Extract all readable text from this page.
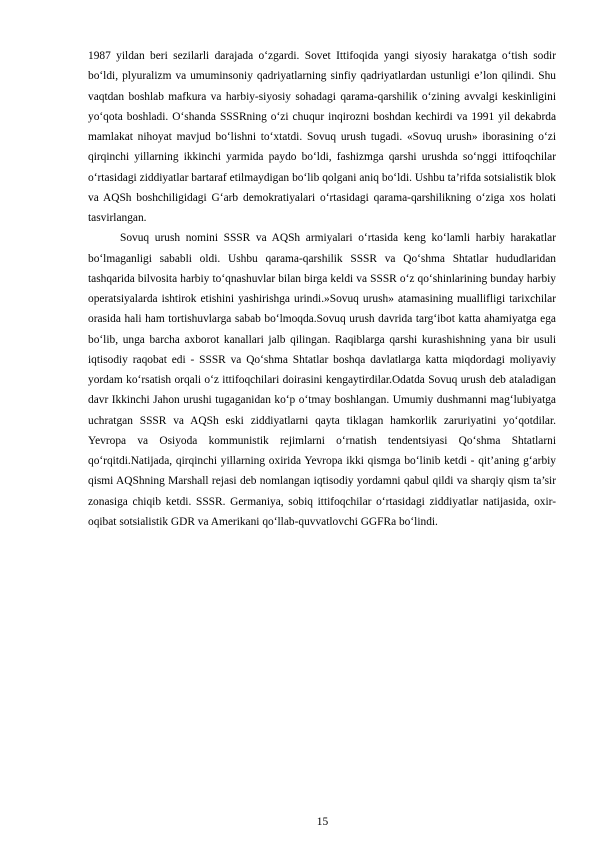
1987 yildan beri sezilarli darajada o‘zgardi. Sovet Ittifoqida yangi siyosiy harakatga o‘tish sodir bo‘ldi, plyuralizm va umuminsoniy qadriyatlarning sinfiy qadriyatlardan ustunligi e’lon qilindi. Shu vaqtdan boshlab mafkura va harbiy-siyosiy sohadagi qarama-qarshilik o‘zining avvalgi keskinligini yo‘qota boshladi. O‘shanda SSSRning o‘zi chuqur inqirozni boshdan kechirdi va 1991 yil dekabrda mamlakat nihoyat mavjud bo‘lishni to‘xtatdi. Sovuq urush tugadi. «Sovuq urush» iborasining o‘zi qirqinchi yillarning ikkinchi yarmida paydo bo‘ldi, fashizmga qarshi urushda so‘nggi ittifoqchilar o‘rtasidagi ziddiyatlar bartaraf etilmaydigan bo‘lib qolgani aniq bo‘ldi. Ushbu ta’rifda sotsialistik blok va AQSh boshchiligidagi G‘arb demokratiyalari o‘rtasidagi qarama-qarshilikning o‘ziga xos holati tasvirlangan.

Sovuq urush nomini SSSR va AQSh armiyalari o‘rtasida keng ko‘lamli harbiy harakatlar bo‘lmaganligi sababli oldi. Ushbu qarama-qarshilik SSSR va Qo‘shma Shtatlar hududlaridan tashqarida bilvosita harbiy to‘qnashuvlar bilan birga keldi va SSSR o‘z qo‘shinlarining bunday harbiy operatsiyalarda ishtirok etishini yashirishga urindi.»Sovuq urush» atamasining muallifligi tarixchilar orasida hali ham tortishuvlarga sabab bo‘lmoqda.Sovuq urush davrida targ‘ibot katta ahamiyatga ega bo‘lib, unga barcha axborot kanallari jalb qilingan. Raqiblarga qarshi kurashishning yana bir usuli iqtisodiy raqobat edi - SSSR va Qo‘shma Shtatlar boshqa davlatlarga katta miqdordagi moliyaviy yordam ko‘rsatish orqali o‘z ittifoqchilari doirasini kengaytirdilar.Odatda Sovuq urush deb ataladigan davr Ikkinchi Jahon urushi tugaganidan ko‘p o‘tmay boshlangan. Umumiy dushmanni mag‘lubiyatga uchratgan SSSR va AQSh eski ziddiyatlarni qayta tiklagan hamkorlik zaruriyatini yo‘qotdilar. Yevropa va Osiyoda kommunistik rejimlarni o‘rnatish tendentsiyasi Qo‘shma Shtatlarni qo‘rqitdi.Natijada, qirqinchi yillarning oxirida Yevropa ikki qismga bo‘linib ketdi - qit’aning g‘arbiy qismi AQShning Marshall rejasi deb nomlangan iqtisodiy yordamni qabul qildi va sharqiy qism ta’sir zonasiga chiqib ketdi. SSSR. Germaniya, sobiq ittifoqchilar o‘rtasidagi ziddiyatlar natijasida, oxir-oqibat sotsialistik GDR va Amerikani qo‘llab-quvvatlovchi GGFRa bo‘lindi.

15
